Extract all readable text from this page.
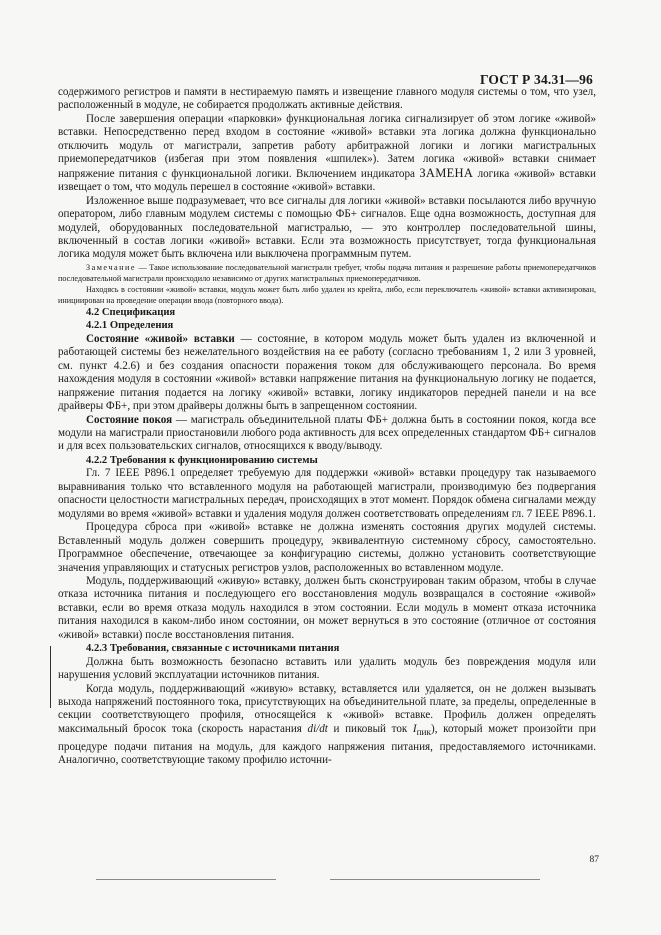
ГОСТ Р 34.31—96

содержимого регистров и памяти в нестираемую память и извещение главного модуля системы о том, что узел, расположенный в модуле, не собирается продолжать активные действия.

После завершения операции «парковки» функциональная логика сигнализирует об этом логике «живой» вставки. Непосредственно перед входом в состояние «живой» вставки эта логика должна функционально отключить модуль от магистрали, запретив работу арбитражной логики и логики магистральных приемопередатчиков (избегая при этом появления «шпилек»). Затем логика «живой» вставки снимает напряжение питания с функциональной логики. Включением индикатора ЗАМЕНА логика «живой» вставки извещает о том, что модуль перешел в состояние «живой» вставки.

Изложенное выше подразумевает, что все сигналы для логики «живой» вставки посылаются либо вручную оператором, либо главным модулем системы с помощью ФБ+ сигналов. Еще одна возможность, доступная для модулей, оборудованных последовательной магистралью, — это контроллер последовательной шины, включенный в состав логики «живой» вставки. Если эта возможность присутствует, тогда функциональная логика модуля может быть включена или выключена программным путем.

Замечание — Такое использование последовательной магистрали требует, чтобы подача питания и разрешение работы приемопередатчиков последовательной магистрали происходило независимо от других магистральных приемопередатчиков.

Находясь в состоянии «живой» вставки, модуль может быть либо удален из крейта, либо, если переключатель «живой» вставки активизирован, инициирован на проведение операции ввода (повторного ввода).

4.2 Спецификация

4.2.1 Определения

Состояние «живой» вставки — состояние, в котором модуль может быть удален из включенной и работающей системы без нежелательного воздействия на ее работу (согласно требованиям 1, 2 или 3 уровней, см. пункт 4.2.6) и без создания опасности поражения током для обслуживающего персонала. Во время нахождения модуля в состоянии «живой» вставки напряжение питания на функциональную логику не подается, напряжение питания подается на логику «живой» вставки, логику индикаторов передней панели и на все драйверы ФБ+, при этом драйверы должны быть в запрещенном состоянии.

Состояние покоя — магистраль объединительной платы ФБ+ должна быть в состоянии покоя, когда все модули на магистрали приостановили любого рода активность для всех определенных стандартом ФБ+ сигналов и для всех пользовательских сигналов, относящихся к вводу/выводу.

4.2.2 Требования к функционированию системы

Гл. 7 IEEE P896.1 определяет требуемую для поддержки «живой» вставки процедуру так называемого выравнивания только что вставленного модуля на работающей магистрали, производимую без подвергания опасности целостности магистральных передач, происходящих в этот момент. Порядок обмена сигналами между модулями во время «живой» вставки и удаления модуля должен соответствовать определениям гл. 7 IEEE P896.1.

Процедура сброса при «живой» вставке не должна изменять состояния других модулей системы. Вставленный модуль должен совершить процедуру, эквивалентную системному сбросу, самостоятельно. Программное обеспечение, отвечающее за конфигурацию системы, должно установить соответствующие значения управляющих и статусных регистров узлов, расположенных во вставленном модуле.

Модуль, поддерживающий «живую» вставку, должен быть сконструирован таким образом, чтобы в случае отказа источника питания и последующего его восстановления модуль возвращался в состояние «живой» вставки, если во время отказа модуль находился в этом состоянии. Если модуль в момент отказа источника питания находился в каком-либо ином состоянии, он может вернуться в это состояние (отличное от состояния «живой» вставки) после восстановления питания.

4.2.3 Требования, связанные с источниками питания

Должна быть возможность безопасно вставить или удалить модуль без повреждения модуля или нарушения условий эксплуатации источников питания.

Когда модуль, поддерживающий «живую» вставку, вставляется или удаляется, он не должен вызывать выхода напряжений постоянного тока, присутствующих на объединительной плате, за пределы, определенные в секции соответствующего профиля, относящейся к «живой» вставке. Профиль должен определять максимальный бросок тока (скорость нарастания di/dt и пиковый ток $I_{пик}$), который может произойти при процедуре подачи питания на модуль, для каждого напряжения питания, предоставляемого источниками. Аналогично, соответствующие такому профилю источни-

87
